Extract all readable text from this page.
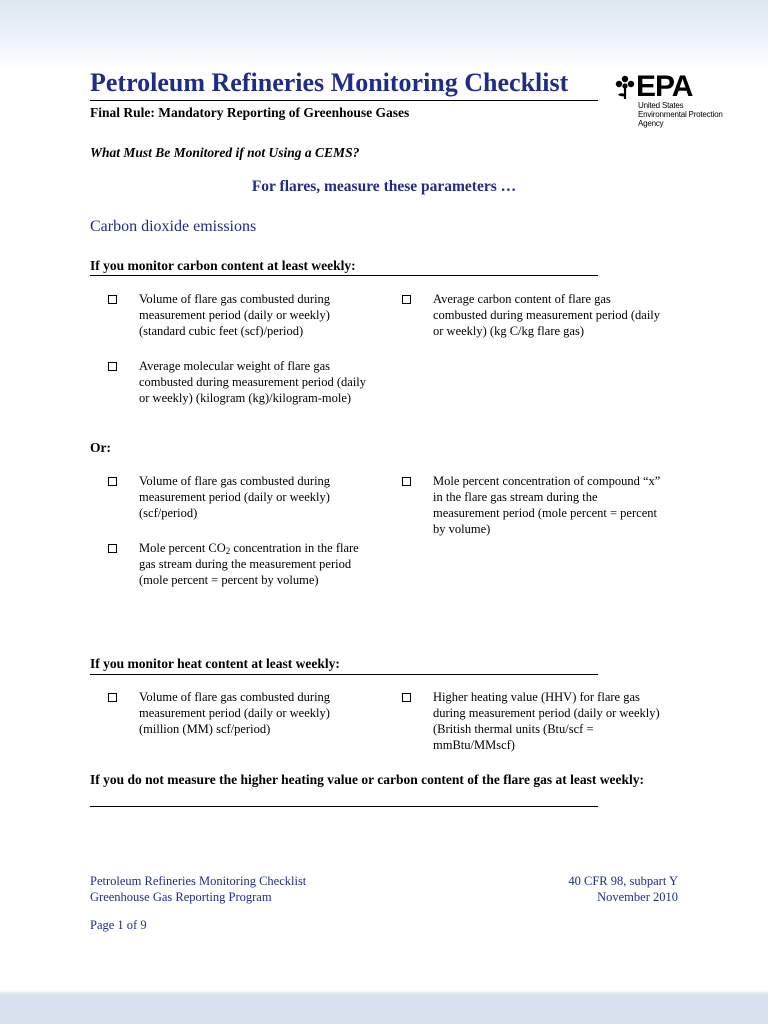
Petroleum Refineries Monitoring Checklist
Final Rule: Mandatory Reporting of Greenhouse Gases
EPA
United States
Environmental Protection
Agency
What Must Be Monitored if not Using a CEMS?
For flares, measure these parameters …
Carbon dioxide emissions
If you monitor carbon content at least weekly:
Volume of flare gas combusted during measurement period (daily or weekly) (standard cubic feet (scf)/period)
Average carbon content of flare gas combusted during measurement period (daily or weekly) (kg C/kg flare gas)
Average molecular weight of flare gas combusted during measurement period (daily or weekly) (kilogram (kg)/kilogram-mole)
Or:
Volume of flare gas combusted during measurement period (daily or weekly) (scf/period)
Mole percent concentration of compound “x” in the flare gas stream during the measurement period (mole percent = percent by volume)
Mole percent $CO_2$ concentration in the flare gas stream during the measurement period (mole percent = percent by volume)
If you monitor heat content at least weekly:
Volume of flare gas combusted during measurement period (daily or weekly) (million (MM) scf/period)
Higher heating value (HHV) for flare gas during measurement period (daily or weekly) (British thermal units (Btu/scf = mmBtu/MMscf)
If you do not measure the higher heating value or carbon content of the flare gas at least weekly:
Petroleum Refineries Monitoring Checklist
Greenhouse Gas Reporting Program
40 CFR 98, subpart Y
November 2010
Page 1 of 9
